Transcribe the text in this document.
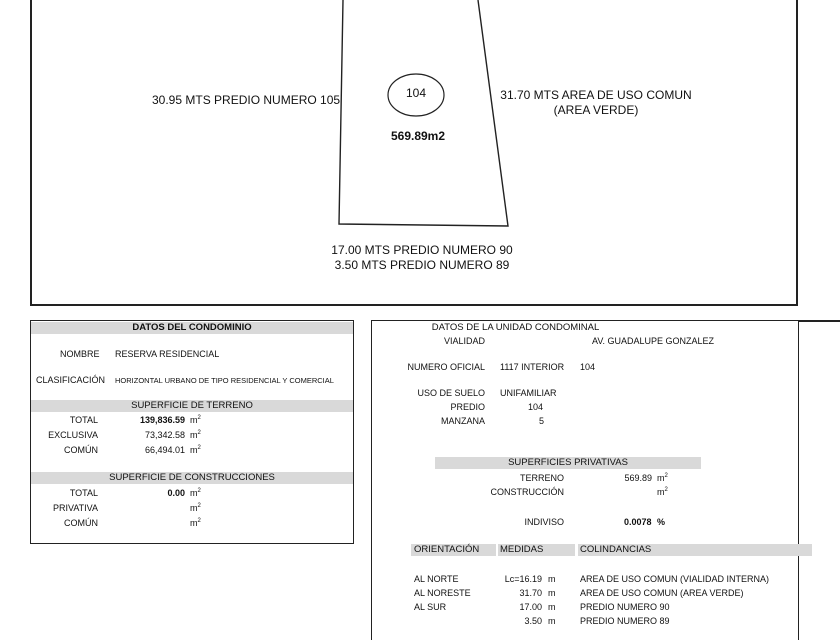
104
569.89m2
30.95 MTS PREDIO NUMERO 105	31.70 MTS AREA DE USO COMUN
(AREA VERDE)
17.00 MTS PREDIO NUMERO 90
3.50 MTS PREDIO NUMERO 89
DATOS DEL CONDOMINIO
NOMBRE RESERVA RESIDENCIAL
CLASIFICACIÓN HORIZONTAL URBANO DE TIPO RESIDENCIAL Y COMERCIAL
SUPERFICIE DE TERRENO
TOTAL	139,836.59 $m^2$
EXCLUSIVA	73,342.58 $m^2$
COMÚN	66,494.01 $m^2$
SUPERFICIE DE CONSTRUCCIONES
TOTAL	0.00 $m^2$
PRIVATIVA	$m^2$
COMÚN	$m^2$
DATOS DE LA UNIDAD CONDOMINAL
VIALIDAD	AV. GUADALUPE GONZALEZ
NUMERO OFICIAL 1117 INTERIOR 104
USO DE SUELO UNIFAMILIAR
PREDIO	104
MANZANA	5
SUPERFICIES PRIVATIVAS
TERRENO	569.89 $m^2$
CONSTRUCCIÓN	$m^2$
INDIVISO	0.0078 %
ORIENTACIÓN	MEDIDAS	COLINDANCIAS
AL NORTE	Lc=16.19 m	AREA DE USO COMUN (VIALIDAD INTERNA)
AL NORESTE	31.70 m	AREA DE USO COMUN (AREA VERDE)
AL SUR	17.00 m	PREDIO NUMERO 90
3.50 m	PREDIO NUMERO 89
